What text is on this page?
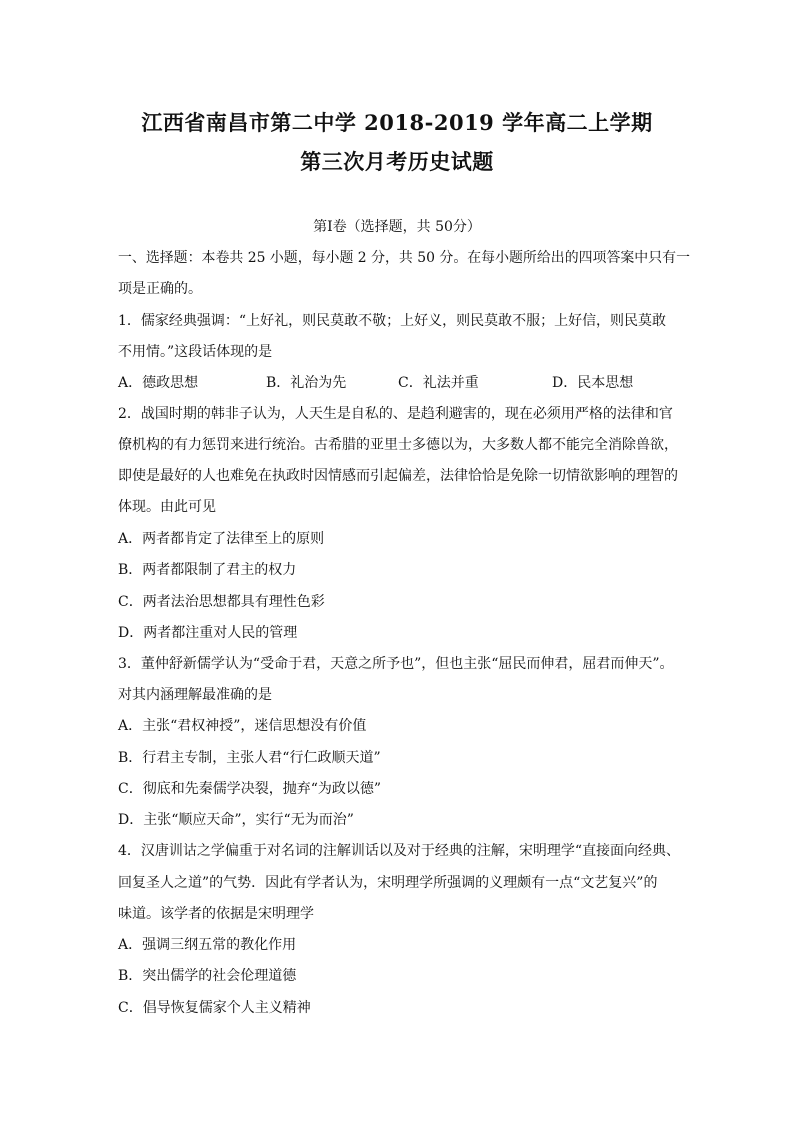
江西省南昌市第二中学 2018-2019 学年高二上学期
第三次月考历史试题
第Ⅰ卷（选择题，共 50分）
一、选择题：本卷共 25 小题，每小题 2 分，共 50 分。在每小题所给出的四项答案中只有一
项是正确的。
1．儒家经典强调：“上好礼，则民莫敢不敬；上好义，则民莫敢不服；上好信，则民莫敢
不用情。”这段话体现的是
A．德政思想	B．礼治为先	C．礼法并重	D．民本思想
2．战国时期的韩非子认为，人天生是自私的、是趋利避害的，现在必须用严格的法律和官
僚机构的有力惩罚来进行统治。古希腊的亚里士多德以为，大多数人都不能完全消除兽欲，
即使是最好的人也难免在执政时因情感而引起偏差，法律恰恰是免除一切情欲影响的理智的
体现。由此可见
A．两者都肯定了法律至上的原则
B．两者都限制了君主的权力
C．两者法治思想都具有理性色彩
D．两者都注重对人民的管理
3．董仲舒新儒学认为“受命于君，天意之所予也”，但也主张“屈民而伸君，屈君而伸天”。
对其内涵理解最准确的是
A．主张“君权神授”，迷信思想没有价值
B．行君主专制，主张人君“行仁政顺天道”
C．彻底和先秦儒学决裂，抛弃“为政以德”
D．主张“顺应天命”，实行“无为而治”
4．汉唐训诂之学偏重于对名词的注解训话以及对于经典的注解，宋明理学“直接面向经典、
回复圣人之道”的气势．因此有学者认为，宋明理学所强调的义理颇有一点“文艺复兴”的
味道。该学者的依据是宋明理学
A．强调三纲五常的教化作用
B．突出儒学的社会伦理道德
C．倡导恢复儒家个人主义精神
